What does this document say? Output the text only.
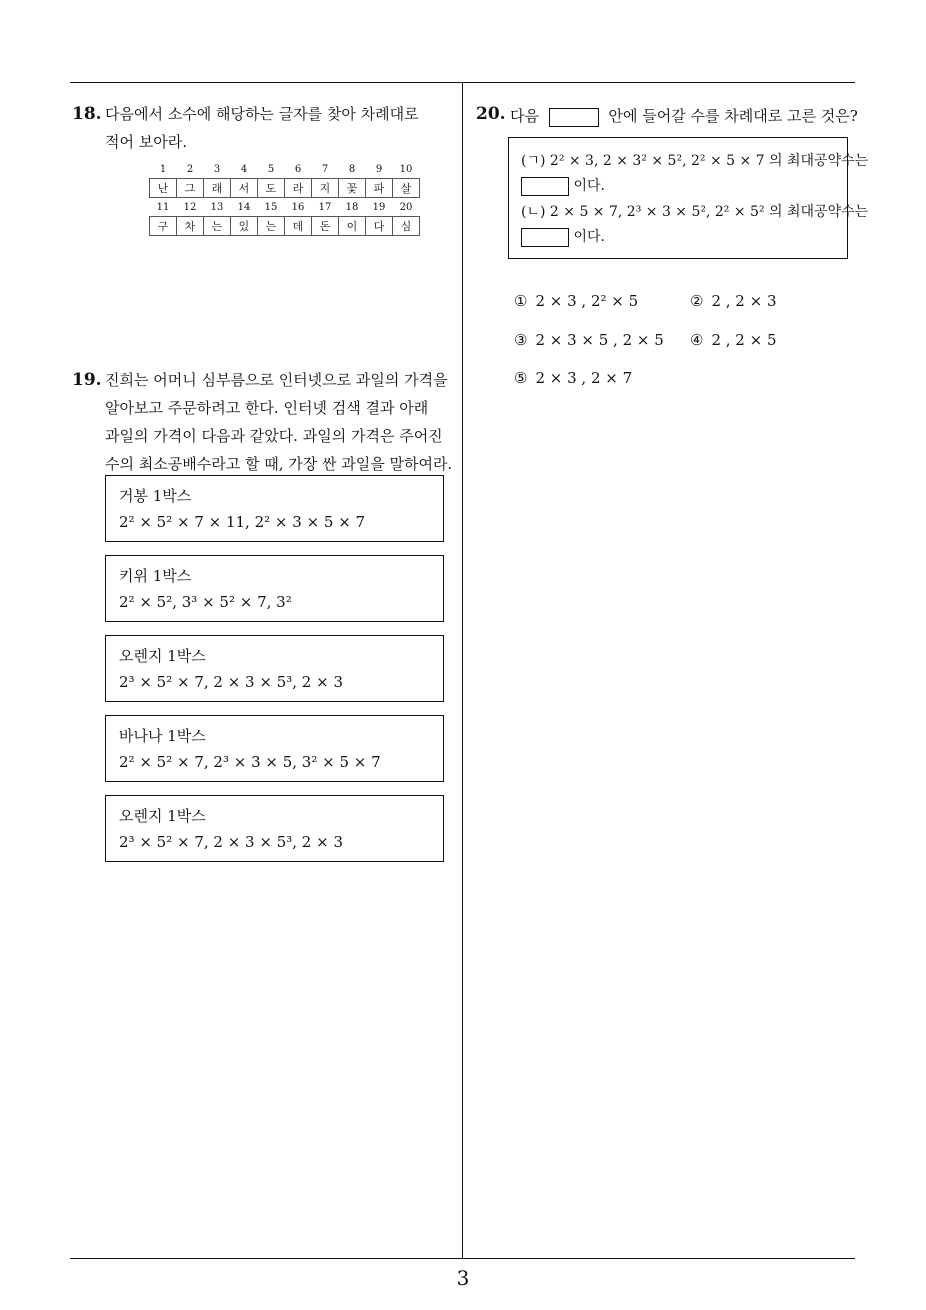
18. 다음에서 소수에 해당하는 글자를 찾아 차례대로
적어 보아라.
1	2	3	4	5	6	7	8	9	10
난	그	래	서	도	라	지	꽃	파	살
11	12	13	14	15	16	17	18	19	20
구	차	는	있	는	데	돈	이	다	심
19. 진희는 어머니 심부름으로 인터넷으로 과일의 가격을
알아보고 주문하려고 한다. 인터넷 검색 결과 아래
과일의 가격이 다음과 같았다. 과일의 가격은 주어진
수의 최소공배수라고 할 때, 가장 싼 과일을 말하여라.
거봉 1박스
2² × 5² × 7 × 11, 2² × 3 × 5 × 7
키위 1박스
2² × 5², 3³ × 5² × 7, 3²
오렌지 1박스
2³ × 5² × 7, 2 × 3 × 5³, 2 × 3
바나나 1박스
2² × 5² × 7, 2³ × 3 × 5, 3² × 5 × 7
오렌지 1박스
2³ × 5² × 7, 2 × 3 × 5³, 2 × 3
20. 다음	안에 들어갈 수를 차례대로 고른 것은?
(ㄱ) 2² × 3, 2 × 3² × 5², 2² × 5 × 7 의 최대공약수는
이다.
(ㄴ) 2 × 5 × 7, 2³ × 3 × 5², 2² × 5² 의 최대공약수는
이다.
① 2 × 3 , 2² × 5	② 2 , 2 × 3
③ 2 × 3 × 5 , 2 × 5 ④ 2 , 2 × 5
⑤ 2 × 3 , 2 × 7
3
